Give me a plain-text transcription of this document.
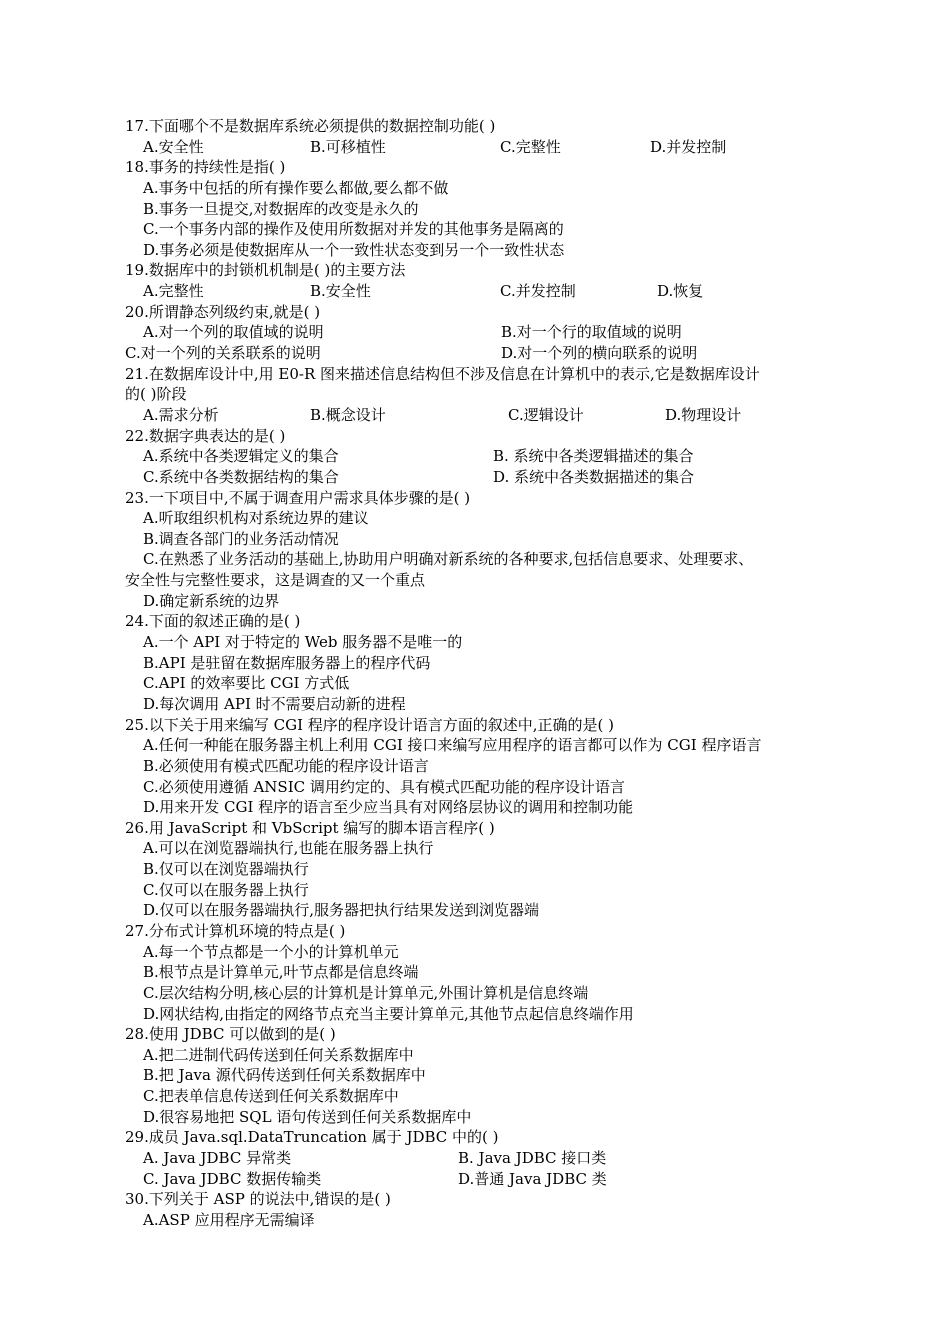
17.下面哪个不是数据库系统必须提供的数据控制功能( )
A.安全性	B.可移植性	C.完整性	D.并发控制
18.事务的持续性是指( )
A.事务中包括的所有操作要么都做,要么都不做
B.事务一旦提交,对数据库的改变是永久的
C.一个事务内部的操作及使用所数据对并发的其他事务是隔离的
D.事务必须是使数据库从一个一致性状态变到另一个一致性状态
19.数据库中的封锁机机制是( )的主要方法
A.完整性	B.安全性	C.并发控制	D.恢复
20.所谓静态列级约束,就是( )
A.对一个列的取值域的说明	B.对一个行的取值域的说明
C.对一个列的关系联系的说明	D.对一个列的横向联系的说明
21.在数据库设计中,用 E0-R 图来描述信息结构但不涉及信息在计算机中的表示,它是数据库设计
的( )阶段
A.需求分析	B.概念设计	C.逻辑设计	D.物理设计
22.数据字典表达的是( )
A.系统中各类逻辑定义的集合	B. 系统中各类逻辑描述的集合
C.系统中各类数据结构的集合	D. 系统中各类数据描述的集合
23.一下项目中,不属于调查用户需求具体步骤的是( )
A.听取组织机构对系统边界的建议
B.调查各部门的业务活动情况
C.在熟悉了业务活动的基础上,协助用户明确对新系统的各种要求,包括信息要求、处理要求、
安全性与完整性要求，这是调查的又一个重点
D.确定新系统的边界
24.下面的叙述正确的是( )
A.一个 API 对于特定的 Web 服务器不是唯一的
B.API 是驻留在数据库服务器上的程序代码
C.API 的效率要比 CGI 方式低
D.每次调用 API 时不需要启动新的进程
25.以下关于用来编写 CGI 程序的程序设计语言方面的叙述中,正确的是( )
A.任何一种能在服务器主机上利用 CGI 接口来编写应用程序的语言都可以作为 CGI 程序语言
B.必须使用有模式匹配功能的程序设计语言
C.必须使用遵循 ANSIC 调用约定的、具有模式匹配功能的程序设计语言
D.用来开发 CGI 程序的语言至少应当具有对网络层协议的调用和控制功能
26.用 JavaScript 和 VbScript 编写的脚本语言程序( )
A.可以在浏览器端执行,也能在服务器上执行
B.仅可以在浏览器端执行
C.仅可以在服务器上执行
D.仅可以在服务器端执行,服务器把执行结果发送到浏览器端
27.分布式计算机环境的特点是( )
A.每一个节点都是一个小的计算机单元
B.根节点是计算单元,叶节点都是信息终端
C.层次结构分明,核心层的计算机是计算单元,外围计算机是信息终端
D.网状结构,由指定的网络节点充当主要计算单元,其他节点起信息终端作用
28.使用 JDBC 可以做到的是( )
A.把二进制代码传送到任何关系数据库中
B.把 Java 源代码传送到任何关系数据库中
C.把表单信息传送到任何关系数据库中
D.很容易地把 SQL 语句传送到任何关系数据库中
29.成员 Java.sql.DataTruncation 属于 JDBC 中的( )
A. Java JDBC 异常类	B. Java JDBC 接口类
C. Java JDBC 数据传输类	D.普通 Java JDBC 类
30.下列关于 ASP 的说法中,错误的是( )
A.ASP 应用程序无需编译
